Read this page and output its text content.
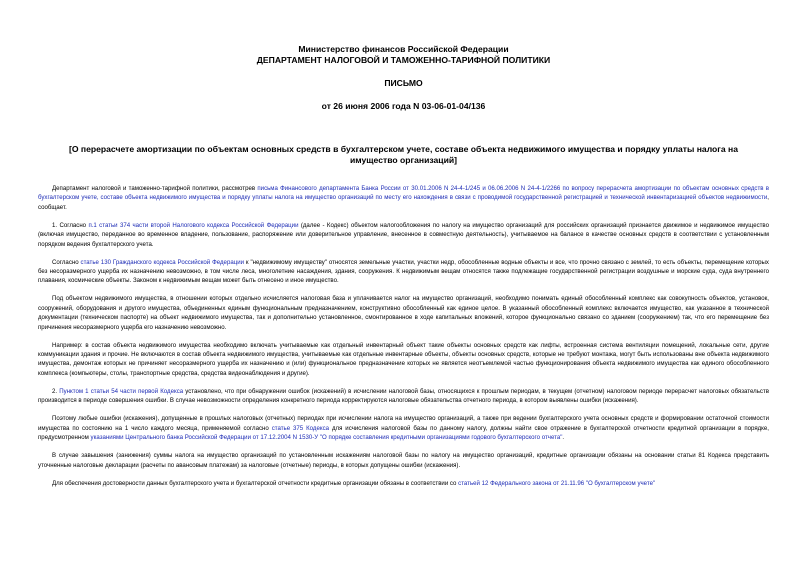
Министерство финансов Российской Федерации
ДЕПАРТАМЕНТ НАЛОГОВОЙ И ТАМОЖЕННО-ТАРИФНОЙ ПОЛИТИКИ
ПИСЬМО
от 26 июня 2006 года N 03-06-01-04/136
[О перерасчете амортизации по объектам основных средств в бухгалтерском учете, составе объекта недвижимого имущества и порядку уплаты налога на имущество организаций]

Департамент налоговой и таможенно-тарифной политики, рассмотрев письма Финансового департамента Банка России от 30.01.2006 N 24-4-1/245 и 06.06.2006 N 24-4-1/2266 по вопросу перерасчета амортизации по объектам основных средств в бухгалтерском учете, составе объекта недвижимого имущества и порядку уплаты налога на имущество организаций по месту его нахождения в связи с проводимой государственной регистрацией и технической инвентаризацией объектов недвижимости, сообщает.

1. Согласно п.1 статьи 374 части второй Налогового кодекса Российской Федерации (далее - Кодекс) объектом налогообложения по налогу на имущество организаций для российских организаций признается движимое и недвижимое имущество (включая имущество, переданное во временное владение, пользование, распоряжение или доверительное управление, внесенное в совместную деятельность), учитываемое на балансе в качестве основных средств в соответствии с установленным порядком ведения бухгалтерского учета.

Согласно статье 130 Гражданского кодекса Российской Федерации к "недвижимому имуществу" относятся земельные участки, участки недр, обособленные водные объекты и все, что прочно связано с землей, то есть объекты, перемещение которых без несоразмерного ущерба их назначению невозможно, в том числе леса, многолетние насаждения, здания, сооружения. К недвижимым вещам относятся также подлежащие государственной регистрации воздушные и морские суда, суда внутреннего плавания, космические объекты. Законом к недвижимым вещам может быть отнесено и иное имущество.

Под объектом недвижимого имущества, в отношении которых отдельно исчисляется налоговая база и уплачивается налог на имущество организаций, необходимо понимать единый обособленный комплекс как совокупность объектов, установок, сооружений, оборудования и другого имущества, объединенных единым функциональным предназначением, конструктивно обособленный как единое целое. В указанный обособленный комплекс включается имущество, как указанное в технической документации (техническом паспорте) на объект недвижимого имущества, так и дополнительно установленное, смонтированное в ходе капитальных вложений, которое функционально связано со зданием (сооружением) так, что его перемещение без причинения несоразмерного ущерба его назначению невозможно.

Например: в состав объекта недвижимого имущества необходимо включать учитываемые как отдельный инвентарный объект такие объекты основных средств как лифты, встроенная система вентиляции помещений, локальные сети, другие коммуникации здания и прочие. Не включаются в состав объекта недвижимого имущества, учитываемые как отдельные инвентарные объекты, объекты основных средств, которые не требуют монтажа, могут быть использованы вне объекта недвижимого имущества, демонтаж которых не причиняет несоразмерного ущерба их назначению и (или) функциональное предназначение которых не является неотъемлемой частью функционирования объекта недвижимого имущества как единого обособленного комплекса (компьютеры, столы, транспортные средства, средства видеонаблюдения и другие).

2. Пунктом 1 статьи 54 части первой Кодекса установлено, что при обнаружении ошибок (искажений) в исчислении налоговой базы, относящихся к прошлым периодам, в текущем (отчетном) налоговом периоде перерасчет налоговых обязательств производится в периоде совершения ошибки. В случае невозможности определения конкретного периода корректируются налоговые обязательства отчетного периода, в котором выявлены ошибки (искажения).

Поэтому любые ошибки (искажения), допущенные в прошлых налоговых (отчетных) периодах при исчислении налога на имущество организаций, а также при ведении бухгалтерского учета основных средств и формировании остаточной стоимости имущества по состоянию на 1 число каждого месяца, применяемой согласно статье 375 Кодекса для исчисления налоговой базы по данному налогу, должны найти свое отражение в бухгалтерской отчетности кредитной организации в порядке, предусмотренном указаниями Центрального банка Российской Федерации от 17.12.2004 N 1530-У "О порядке составления кредитными организациями годового бухгалтерского отчета".

В случае завышения (занижения) суммы налога на имущество организаций по установленным искажениям налоговой базы по налогу на имущество организаций, кредитные организации обязаны на основании статьи 81 Кодекса представить уточненные налоговые декларации (расчеты по авансовым платежам) за налоговые (отчетные) периоды, в которых допущены ошибки (искажения).

Для обеспечения достоверности данных бухгалтерского учета и бухгалтерской отчетности кредитные организации обязаны в соответствии со статьей 12 Федерального закона от 21.11.96 "О бухгалтерском учете"
